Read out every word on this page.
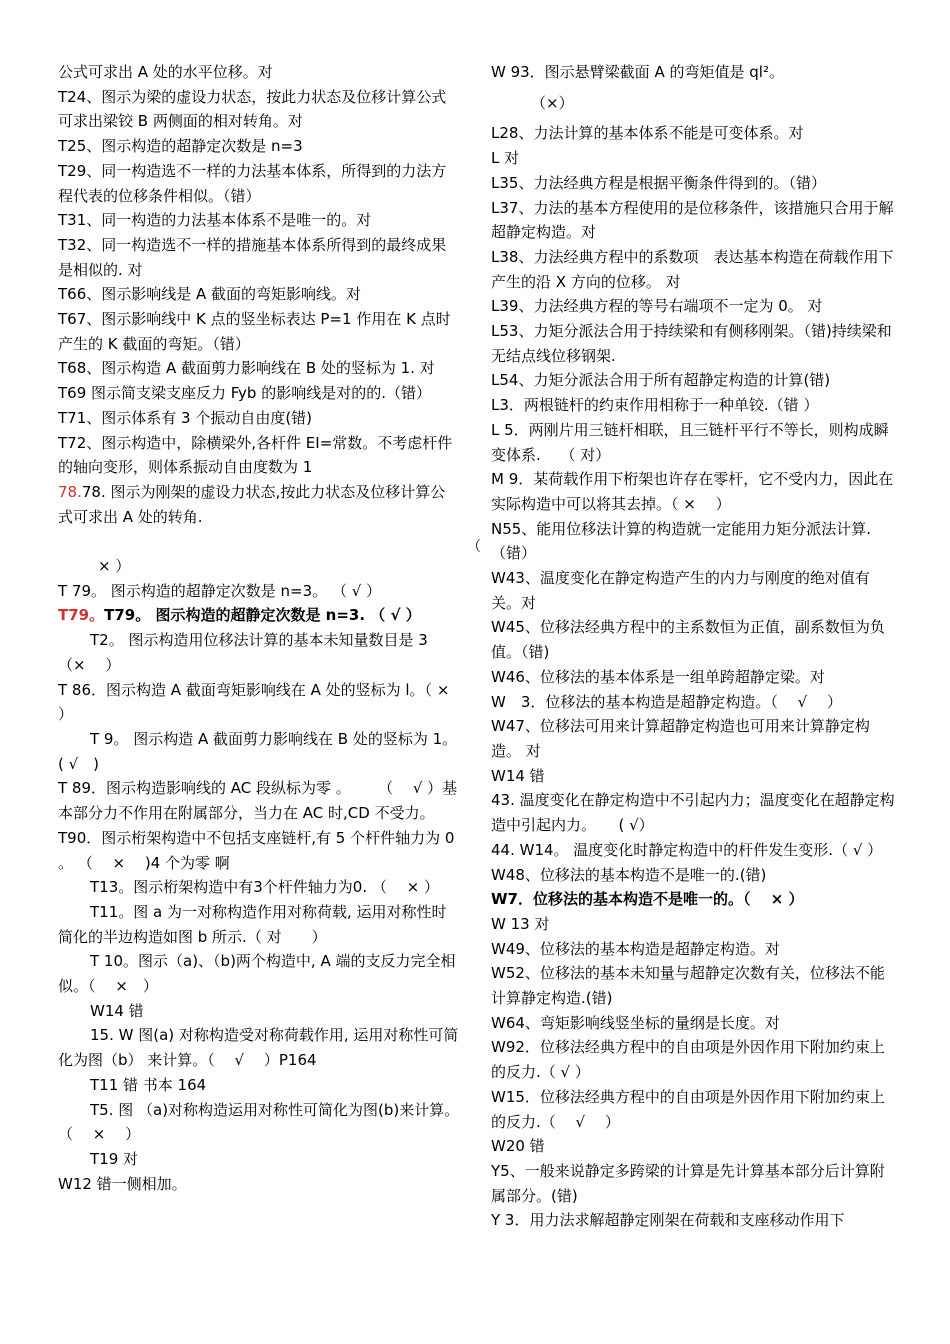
公式可求出 A 处的水平位移。对

T24、图示为梁的虚设力状态，按此力状态及位移计算公式可求出梁铰 B 两侧面的相对转角。对

T25、图示构造的超静定次数是 n=3

T29、同一构造选不一样的力法基本体系，所得到的力法方程代表的位移条件相似。（错）

T31、同一构造的力法基本体系不是唯一的。对

T32、同一构造选不一样的措施基本体系所得到的最终成果是相似的. 对

T66、图示影响线是 A 截面的弯矩影响线。对

T67、图示影响线中 K 点的竖坐标表达 P=1 作用在 K 点时产生的 K 截面的弯矩。（错）

T68、图示构造 A 截面剪力影响线在 B 处的竖标为 1. 对

T69 图示简支梁支座反力 Fyb 的影响线是对的的.（错）

T71、图示体系有 3 个振动自由度(错)

T72、图示构造中，除横梁外,各杆件 EI=常数。不考虑杆件的轴向变形，则体系振动自由度数为 1

78.78. 图示为刚架的虚设力状态,按此力状态及位移计算公式可求出 A 处的转角.

× ）

T 79。 图示构造的超静定次数是 n=3。 （ √ ）

T79。T79。 图示构造的超静定次数是 n=3. （ √ ）

T2。 图示构造用位移法计算的基本未知量数目是 3 （×　 ）

T 86．图示构造 A 截面弯矩影响线在 A 处的竖标为 l。（ × ）

T 9。 图示构造 A 截面剪力影响线在 B 处的竖标为 1。( √　)

T 89．图示构造影响线的 AC 段纵标为零 。　　 （　 √ ）基本部分力不作用在附属部分，当力在 AC 时,CD 不受力。

T90．图示桁架构造中不包括支座链杆,有 5 个杆件轴力为 0 。 （　 ×　 )4 个为零 啊

T13。图示桁架构造中有3个杆件轴力为0. （　 × ）

T11。图 a 为一对称构造作用对称荷载, 运用对称性时简化的半边构造如图 b 所示.（ 对　　）

T 10。图示（a)、（b)两个构造中, A 端的支反力完全相似。（　 ×　）

W14 错

15. W 图(a) 对称构造受对称荷载作用, 运用对称性可简化为图（b） 来计算。（　 √　 ）P164

T11 错 书本 164

T5. 图 （a)对称构造运用对称性可简化为图(b)来计算。（　 ×　 ）

T19 对

W12 错一侧相加。

（

W 93．图示悬臂梁截面 A 的弯矩值是 ql²。

（×）

L28、力法计算的基本体系不能是可变体系。对

L 对

L35、力法经典方程是根据平衡条件得到的。（错）

L37、力法的基本方程使用的是位移条件，该措施只合用于解超静定构造。对

L38、力法经典方程中的系数项　表达基本构造在荷载作用下产生的沿 X 方向的位移。 对

L39、力法经典方程的等号右端项不一定为 0。 对

L53、力矩分派法合用于持续梁和有侧移刚架。（错)持续梁和无结点线位移钢架.

L54、力矩分派法合用于所有超静定构造的计算(错)

L3．两根链杆的约束作用相称于一种单铰.（错 ）

L 5．两刚片用三链杆相联，且三链杆平行不等长，则构成瞬变体系.　 （ 对）

M 9．某荷载作用下桁架也许存在零杆，它不受内力，因此在实际构造中可以将其去掉。（ ×　 ）

N55、能用位移法计算的构造就一定能用力矩分派法计算.（错）

W43、温度变化在静定构造产生的内力与刚度的绝对值有关。对

W45、位移法经典方程中的主系数恒为正值，副系数恒为负值。（错)

W46、位移法的基本体系是一组单跨超静定梁。对

W　3．位移法的基本构造是超静定构造。（　 √　 ）

W47、位移法可用来计算超静定构造也可用来计算静定构造。 对

W14 错

43. 温度变化在静定构造中不引起内力；温度变化在超静定构造中引起内力。　　( √）

44. W14。 温度变化时静定构造中的杆件发生变形.（ √ ）

W48、位移法的基本构造不是唯一的.(错)

W7．位移法的基本构造不是唯一的。（　 × ）

W 13 对

W49、位移法的基本构造是超静定构造。对

W52、位移法的基本未知量与超静定次数有关，位移法不能计算静定构造.(错)

W64、弯矩影响线竖坐标的量纲是长度。对

W92．位移法经典方程中的自由项是外因作用下附加约束上的反力.（ √ ）

W15．位移法经典方程中的自由项是外因作用下附加约束上的反力.（　 √　 ）

W20 错

Y5、一般来说静定多跨梁的计算是先计算基本部分后计算附属部分。(错)

Y 3．用力法求解超静定刚架在荷载和支座移动作用下
